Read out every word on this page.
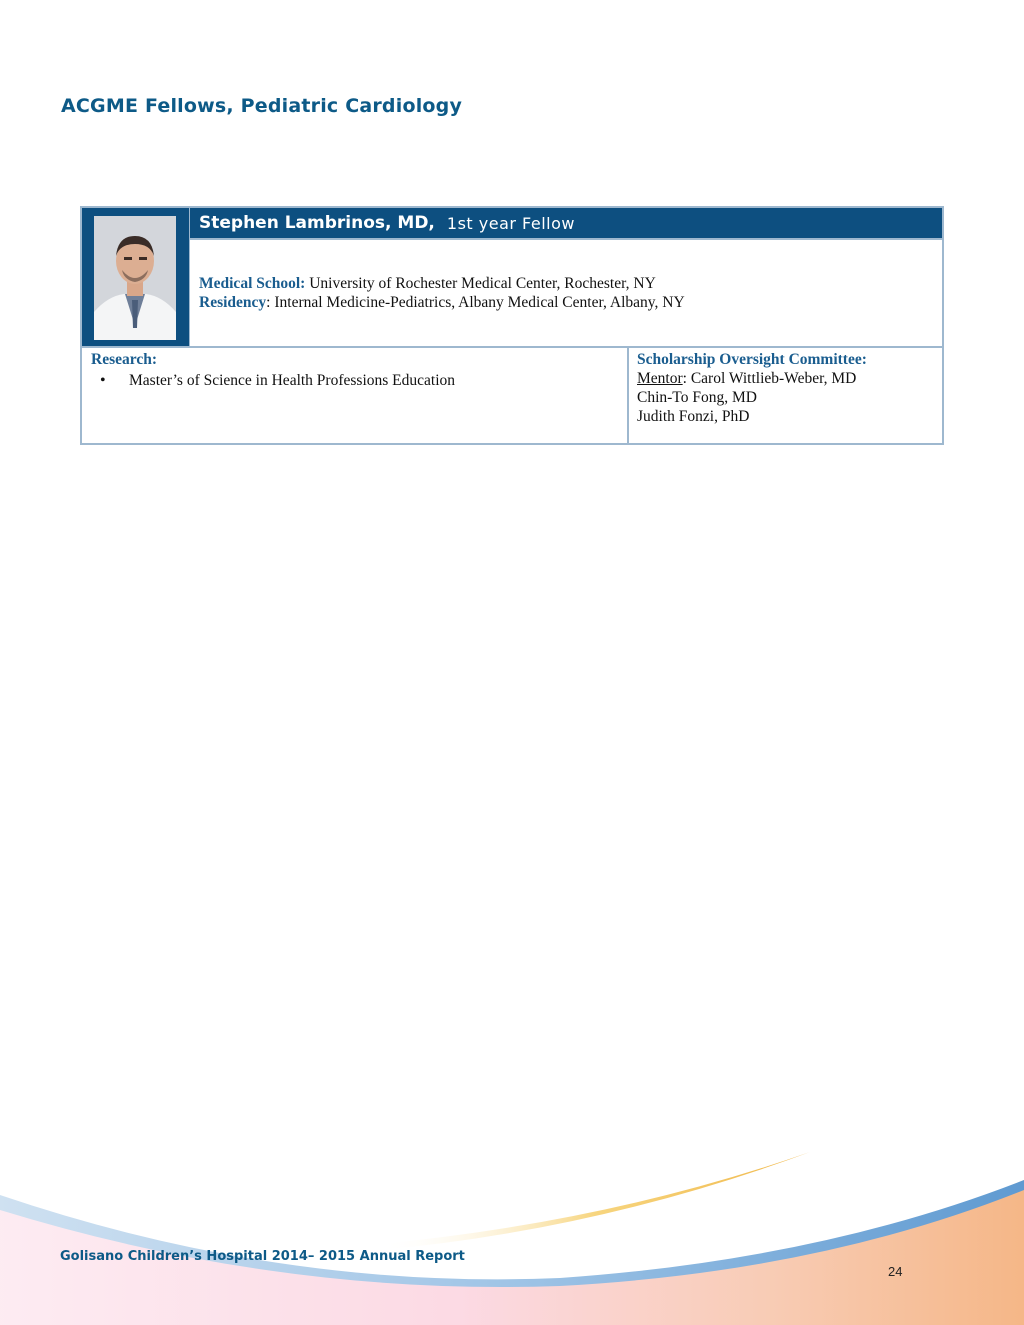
ACGME Fellows, Pediatric Cardiology
Stephen Lambrinos, MD, 1st year Fellow
Medical School: University of Rochester Medical Center, Rochester, NY
Residency: Internal Medicine-Pediatrics, Albany Medical Center, Albany, NY
Research:
• Master’s of Science in Health Professions Education
Scholarship Oversight Committee:
Mentor: Carol Wittlieb-Weber, MD
Chin-To Fong, MD
Judith Fonzi, PhD
Golisano Children’s Hospital 2014– 2015 Annual Report
24
